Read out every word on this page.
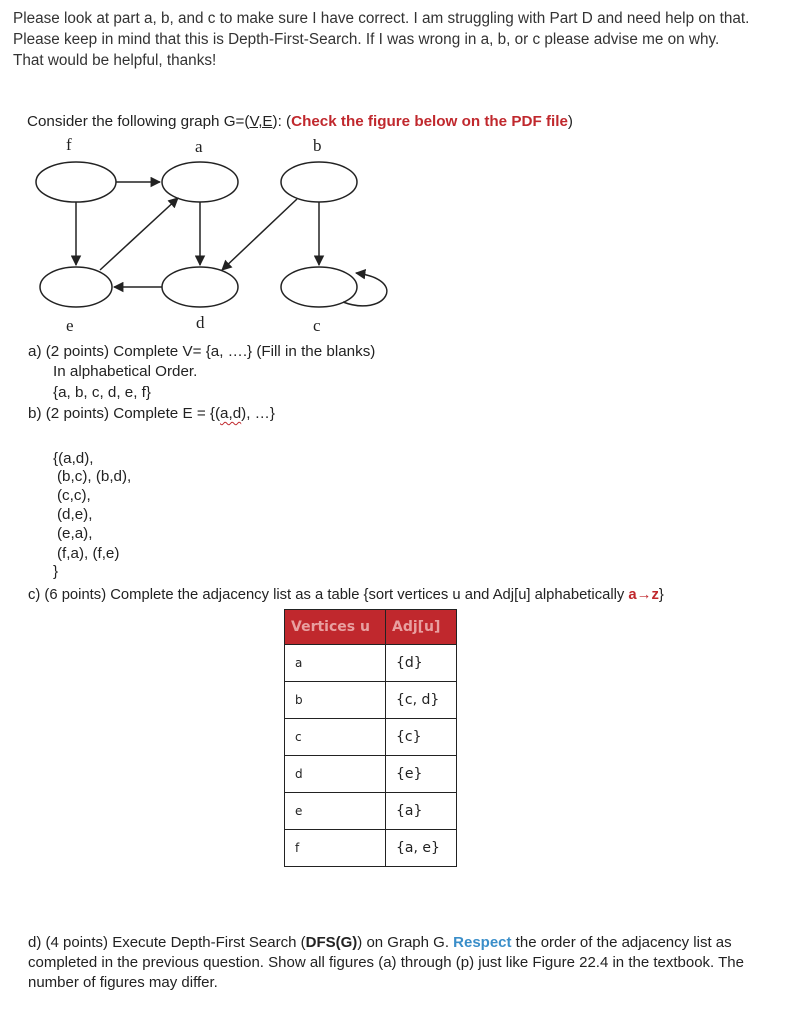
Please look at part a, b, and c to make sure I have correct. I am struggling with Part D and need help on that. Please keep in mind that this is Depth-First-Search. If I was wrong in a, b, or c please advise me on why. That would be helpful, thanks!
Consider the following graph G=(V,E): (Check the figure below on the PDF file)
f	a	b
e	d	c
a) (2 points) Complete V= {a, ….} (Fill in the blanks)
In alphabetical Order.
{a, b, c, d, e, f}
b) (2 points) Complete E = {(a,d), …}
{(a,d),
(b,c), (b,d),
(c,c),
(d,e),
(e,a),
(f,a), (f,e)
}
c) (6 points) Complete the adjacency list as a table {sort vertices u and Adj[u] alphabetically a→z}
Vertices u	Adj[u]
a	{d}
b	{c, d}
c	{c}
d	{e}
e	{a}
f	{a, e}
d) (4 points) Execute Depth-First Search (DFS(G)) on Graph G. Respect the order of the adjacency list as completed in the previous question. Show all figures (a) through (p) just like Figure 22.4 in the textbook. The number of figures may differ.
